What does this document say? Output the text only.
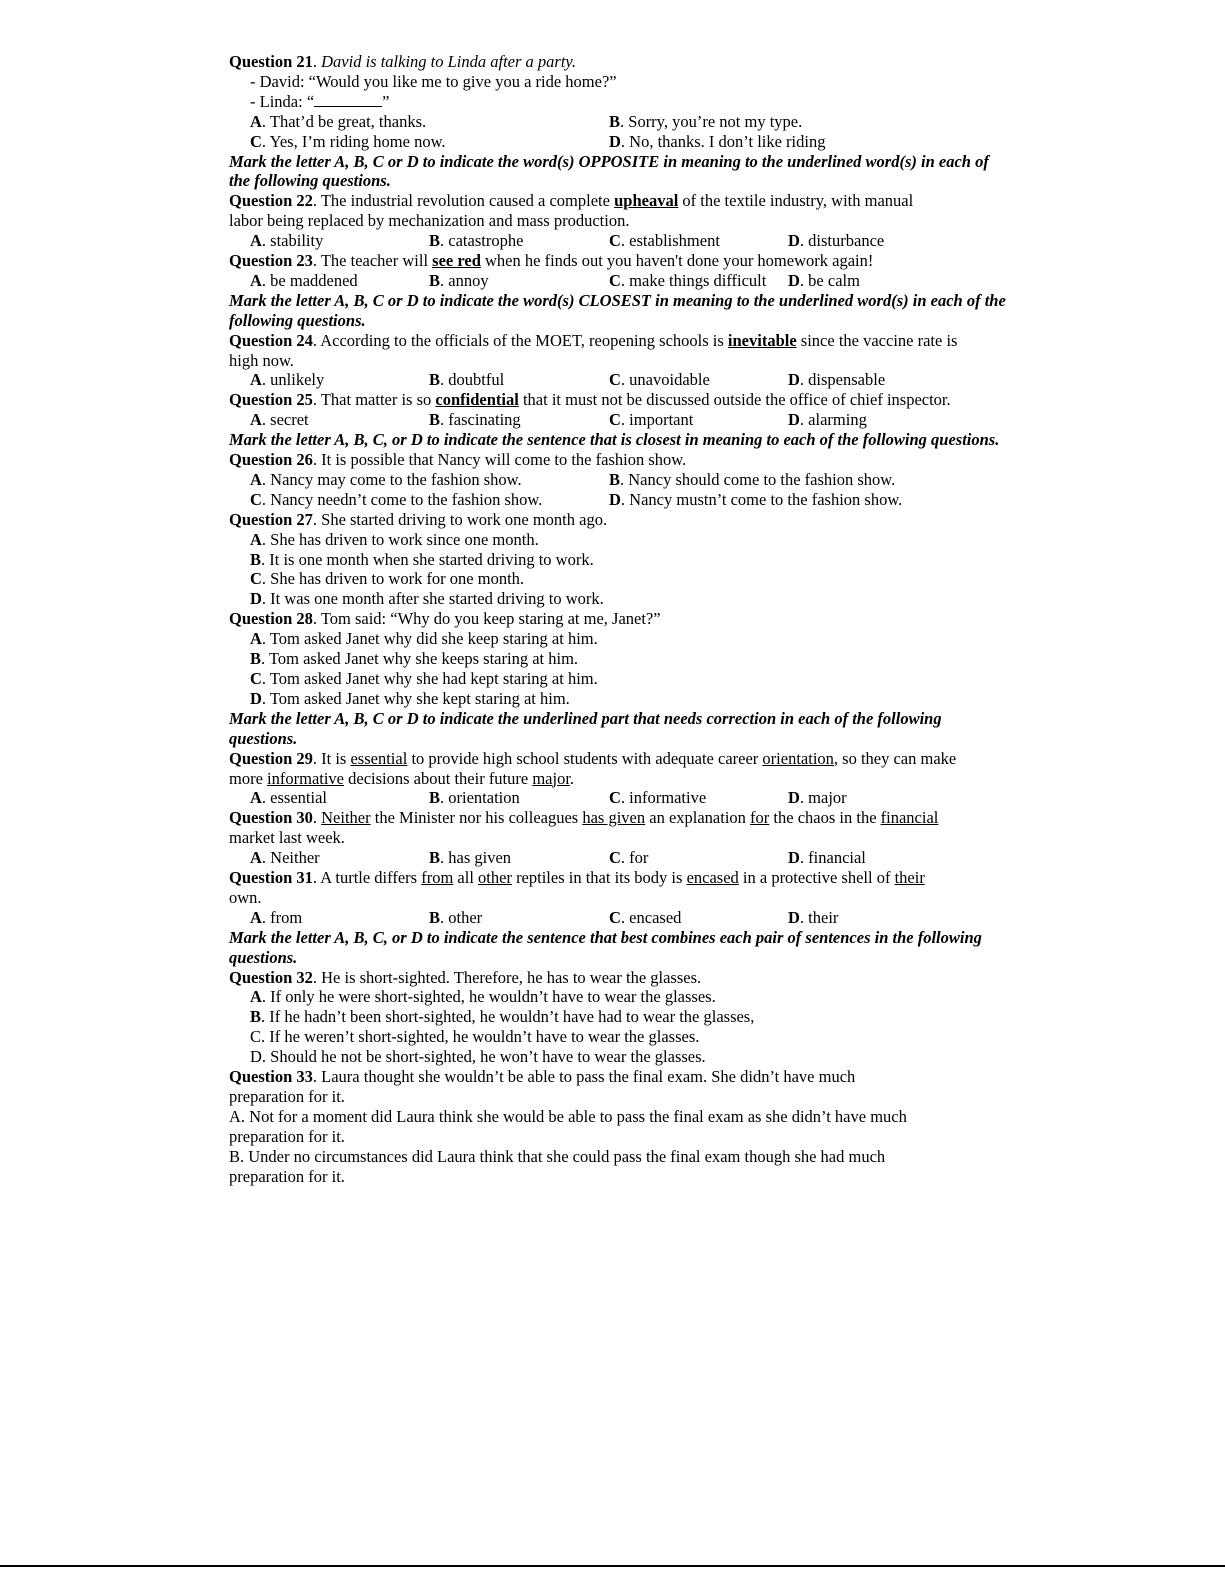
Question 21. David is talking to Linda after a party.
- David: “Would you like me to give you a ride home?”
- Linda: “	”
A. That’d be great, thanks.	B. Sorry, you’re not my type.
C. Yes, I’m riding home now.	D. No, thanks. I don’t like riding
Mark the letter A, B, C or D to indicate the word(s) OPPOSITE in meaning to the underlined word(s) in each of the following questions.
Question 22. The industrial revolution caused a complete upheaval of the textile industry, with manual
labor being replaced by mechanization and mass production.
A. stability	B. catastrophe	C. establishment	D. disturbance
Question 23. The teacher will see red when he finds out you haven't done your homework again!
A. be maddened	B. annoy	C. make things difficult D. be calm
Mark the letter A, B, C or D to indicate the word(s) CLOSEST in meaning to the underlined word(s) in each of the following questions.
Question 24. According to the officials of the MOET, reopening schools is inevitable since the vaccine rate is
high now.
A. unlikely	B. doubtful	C. unavoidable	D. dispensable
Question 25. That matter is so confidential that it must not be discussed outside the office of chief inspector.
A. secret	B. fascinating	C. important	D. alarming
Mark the letter A, B, C, or D to indicate the sentence that is closest in meaning to each of the following questions.
Question 26. It is possible that Nancy will come to the fashion show.
A. Nancy may come to the fashion show.	B. Nancy should come to the fashion show.
C. Nancy needn’t come to the fashion show.	D. Nancy mustn’t come to the fashion show.
Question 27. She started driving to work one month ago.
A. She has driven to work since one month.
B. It is one month when she started driving to work.
C. She has driven to work for one month.
D. It was one month after she started driving to work.
Question 28. Tom said: “Why do you keep staring at me, Janet?”
A. Tom asked Janet why did she keep staring at him.
B. Tom asked Janet why she keeps staring at him.
C. Tom asked Janet why she had kept staring at him.
D. Tom asked Janet why she kept staring at him.
Mark the letter A, B, C or D to indicate the underlined part that needs correction in each of the following questions.
Question 29. It is essential to provide high school students with adequate career orientation, so they can make
more informative decisions about their future major.
A. essential	B. orientation	C. informative	D. major
Question 30. Neither the Minister nor his colleagues has given an explanation for the chaos in the financial
market last week.
A. Neither	B. has given	C. for	D. financial
Question 31. A turtle differs from all other reptiles in that its body is encased in a protective shell of their
own.
A. from	B. other	C. encased	D. their
Mark the letter A, B, C, or D to indicate the sentence that best combines each pair of sentences in the following questions.
Question 32. He is short-sighted. Therefore, he has to wear the glasses.
A. If only he were short-sighted, he wouldn’t have to wear the glasses.
B. If he hadn’t been short-sighted, he wouldn’t have had to wear the glasses,
C. If he weren’t short-sighted, he wouldn’t have to wear the glasses.
D. Should he not be short-sighted, he won’t have to wear the glasses.
Question 33. Laura thought she wouldn’t be able to pass the final exam. She didn’t have much
preparation for it.
A. Not for a moment did Laura think she would be able to pass the final exam as she didn’t have much
preparation for it.
B. Under no circumstances did Laura think that she could pass the final exam though she had much
preparation for it.
